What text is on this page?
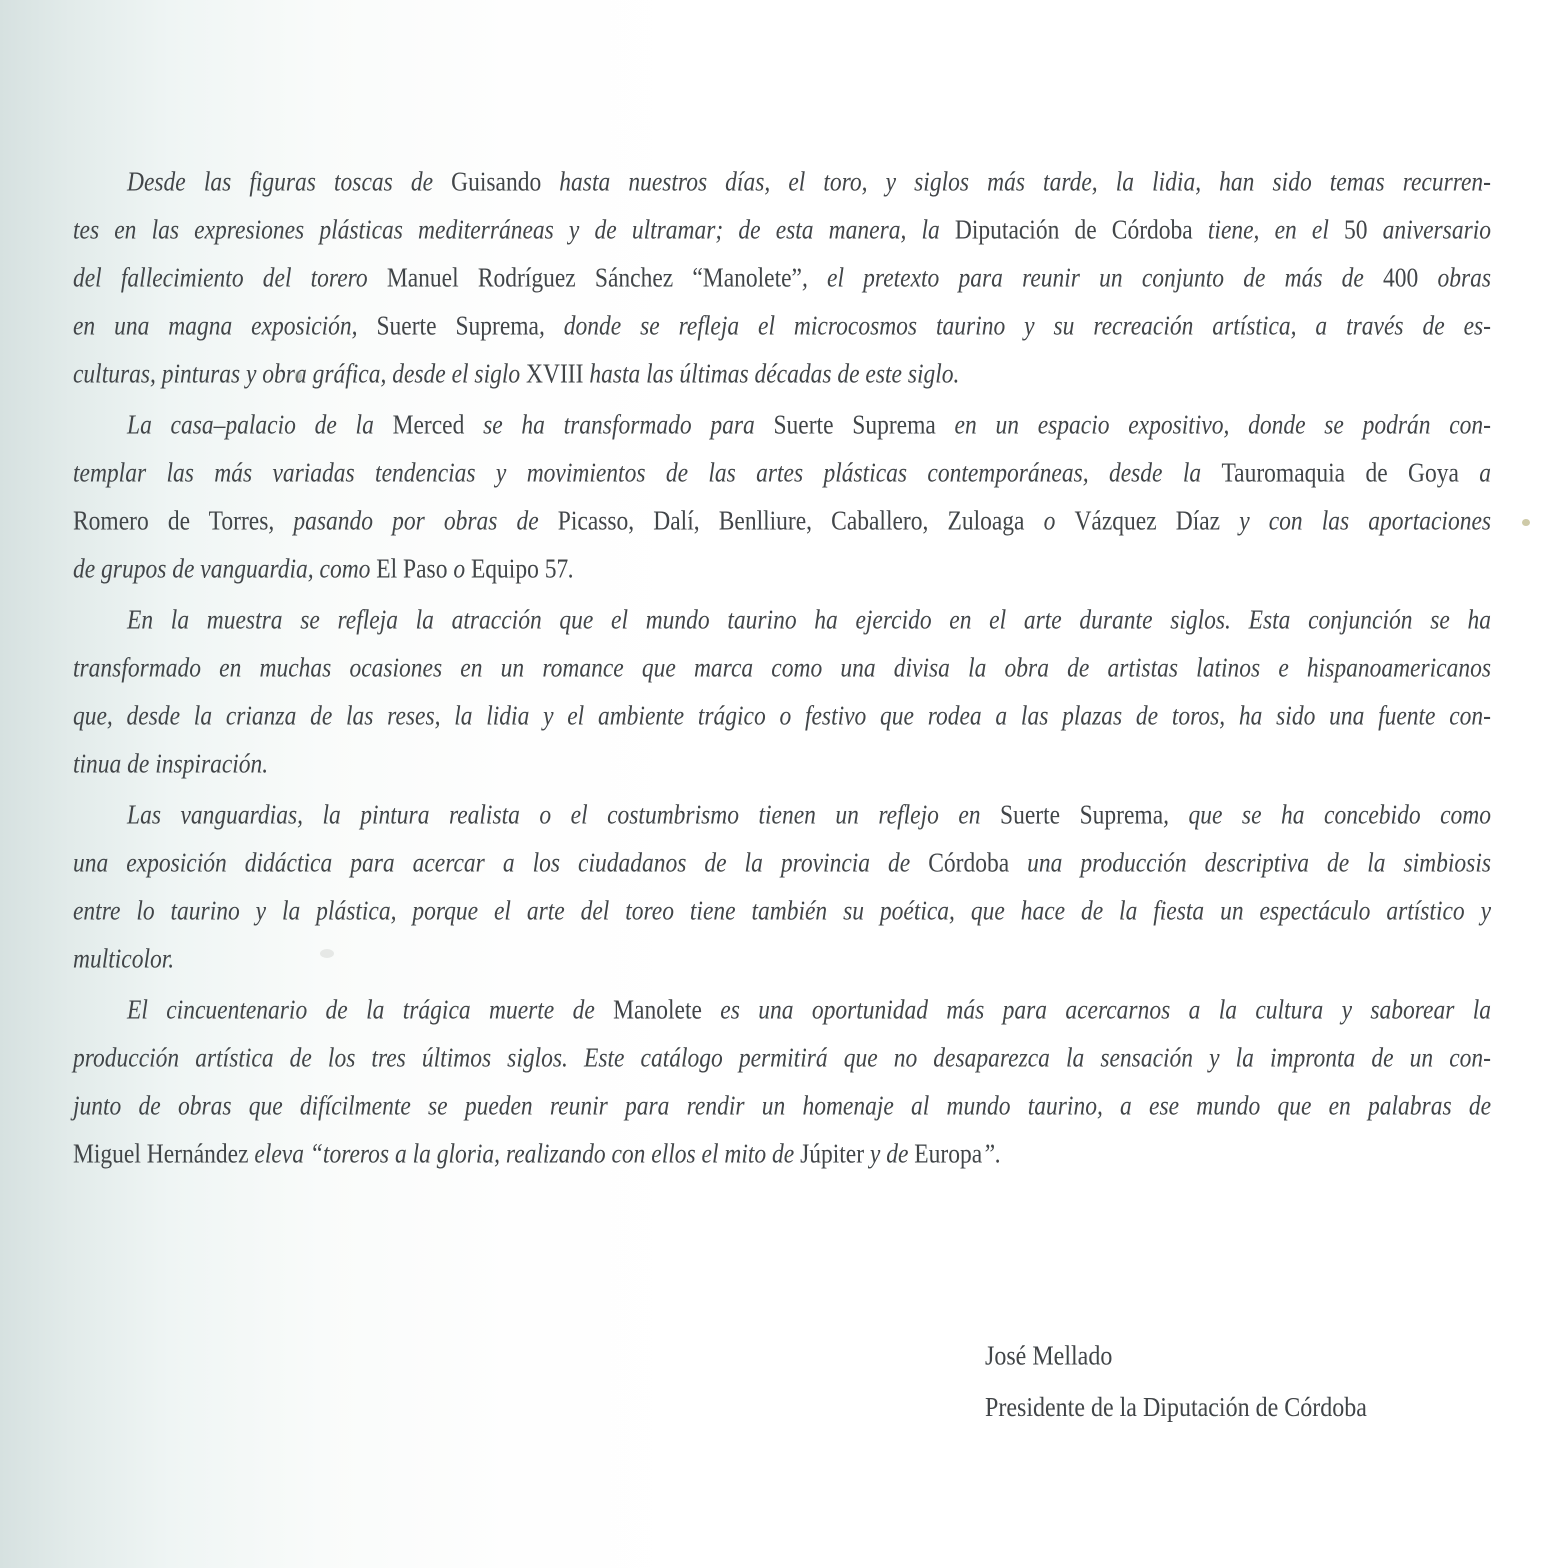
Desde las figuras toscas de Guisando hasta nuestros días, el toro, y siglos más tarde, la lidia, han sido temas recurren-
tes en las expresiones plásticas mediterráneas y de ultramar; de esta manera, la Diputación de Córdoba tiene, en el 50 aniversario
del fallecimiento del torero Manuel Rodríguez Sánchez “Manolete”, el pretexto para reunir un conjunto de más de 400 obras
en una magna exposición, Suerte Suprema, donde se refleja el microcosmos taurino y su recreación artística, a través de es-
culturas, pinturas y obra gráfica, desde el siglo XVIII hasta las últimas décadas de este siglo.
La casa–palacio de la Merced se ha transformado para Suerte Suprema en un espacio expositivo, donde se podrán con-
templar las más variadas tendencias y movimientos de las artes plásticas contemporáneas, desde la Tauromaquia de Goya a
Romero de Torres, pasando por obras de Picasso, Dalí, Benlliure, Caballero, Zuloaga o Vázquez Díaz y con las aportaciones
de grupos de vanguardia, como El Paso o Equipo 57.
En la muestra se refleja la atracción que el mundo taurino ha ejercido en el arte durante siglos. Esta conjunción se ha
transformado en muchas ocasiones en un romance que marca como una divisa la obra de artistas latinos e hispanoamericanos
que, desde la crianza de las reses, la lidia y el ambiente trágico o festivo que rodea a las plazas de toros, ha sido una fuente con-
tinua de inspiración.
Las vanguardias, la pintura realista o el costumbrismo tienen un reflejo en Suerte Suprema, que se ha concebido como
una exposición didáctica para acercar a los ciudadanos de la provincia de Córdoba una producción descriptiva de la simbiosis
entre lo taurino y la plástica, porque el arte del toreo tiene también su poética, que hace de la fiesta un espectáculo artístico y
multicolor.
El cincuentenario de la trágica muerte de Manolete es una oportunidad más para acercarnos a la cultura y saborear la
producción artística de los tres últimos siglos. Este catálogo permitirá que no desaparezca la sensación y la impronta de un con-
junto de obras que difícilmente se pueden reunir para rendir un homenaje al mundo taurino, a ese mundo que en palabras de
Miguel Hernández eleva “toreros a la gloria, realizando con ellos el mito de Júpiter y de Europa”.
José Mellado
Presidente de la Diputación de Córdoba
